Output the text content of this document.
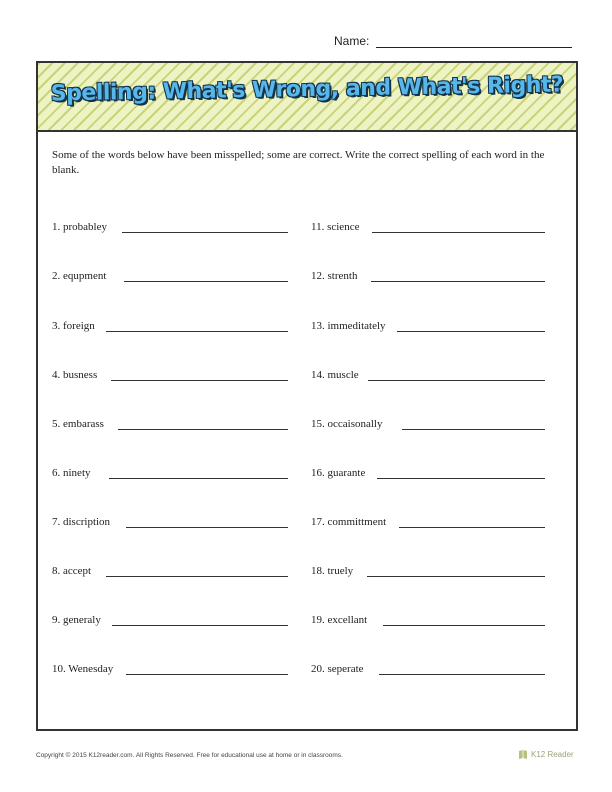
Name:
Spelling: What's Wrong, and What's Right?
Some of the words below have been misspelled; some are correct. Write the correct spelling of each word in the blank.
1. probabley
2. equpment
3. foreign
4. busness
5. embarass
6. ninety
7. discription
8. accept
9. generaly
10. Wenesday
11. science
12. strenth
13. immeditately
14. muscle
15. occaisonally
16. guarante
17. committment
18. truely
19. excellant
20. seperate
Copyright © 2015 K12reader.com. All Rights Reserved. Free for educational use at home or in classrooms.	K12 Reader
